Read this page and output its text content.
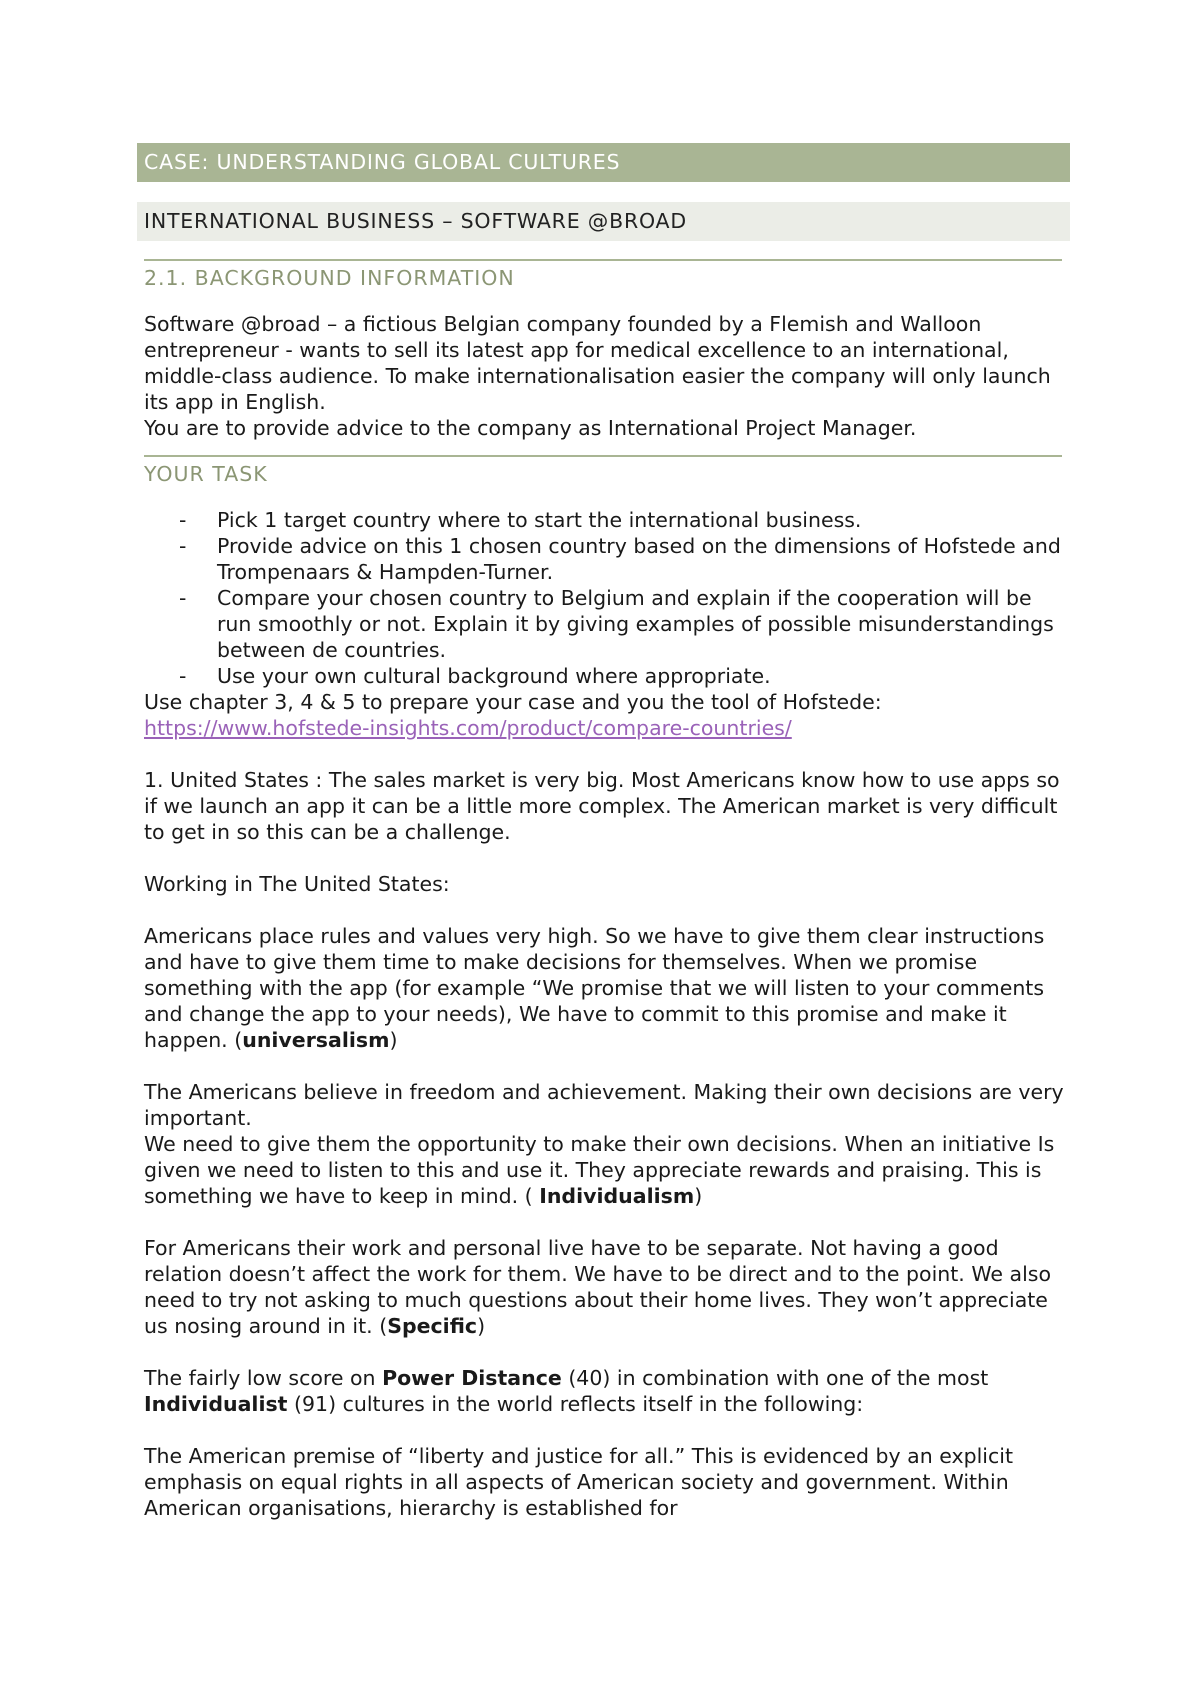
CASE: UNDERSTANDING GLOBAL CULTURES
INTERNATIONAL BUSINESS – SOFTWARE @BROAD
2.1. BACKGROUND INFORMATION

Software @broad – a fictious Belgian company founded by a Flemish and Walloon entrepreneur - wants to sell its latest app for medical excellence to an international, middle-class audience. To make internationalisation easier the company will only launch its app in English.

You are to provide advice to the company as International Project Manager.

YOUR TASK
- Pick 1 target country where to start the international business.
- Provide advice on this 1 chosen country based on the dimensions of Hofstede and Trompenaars & Hampden-Turner.
- Compare your chosen country to Belgium and explain if the cooperation will be run smoothly or not. Explain it by giving examples of possible misunderstandings between de countries.
- Use your own cultural background where appropriate.

Use chapter 3, 4 & 5 to prepare your case and you the tool of Hofstede:

https://www.hofstede-insights.com/product/compare-countries/

1. United States : The sales market is very big. Most Americans know how to use apps so if we launch an app it can be a little more complex. The American market is very difficult to get in so this can be a challenge.

Working in The United States:

Americans place rules and values very high. So we have to give them clear instructions and have to give them time to make decisions for themselves. When we promise something with the app (for example “We promise that we will listen to your comments and change the app to your needs), We have to commit to this promise and make it happen. (universalism)

The Americans believe in freedom and achievement. Making their own decisions are very important.

We need to give them the opportunity to make their own decisions. When an initiative Is given we need to listen to this and use it. They appreciate rewards and praising. This is something we have to keep in mind. ( Individualism)

For Americans their work and personal live have to be separate. Not having a good relation doesn’t affect the work for them. We have to be direct and to the point. We also need to try not asking to much questions about their home lives. They won’t appreciate us nosing around in it. (Specific)

The fairly low score on Power Distance (40) in combination with one of the most Individualist (91) cultures in the world reflects itself in the following:

The American premise of “liberty and justice for all.” This is evidenced by an explicit emphasis on equal rights in all aspects of American society and government. Within American organisations, hierarchy is established for
